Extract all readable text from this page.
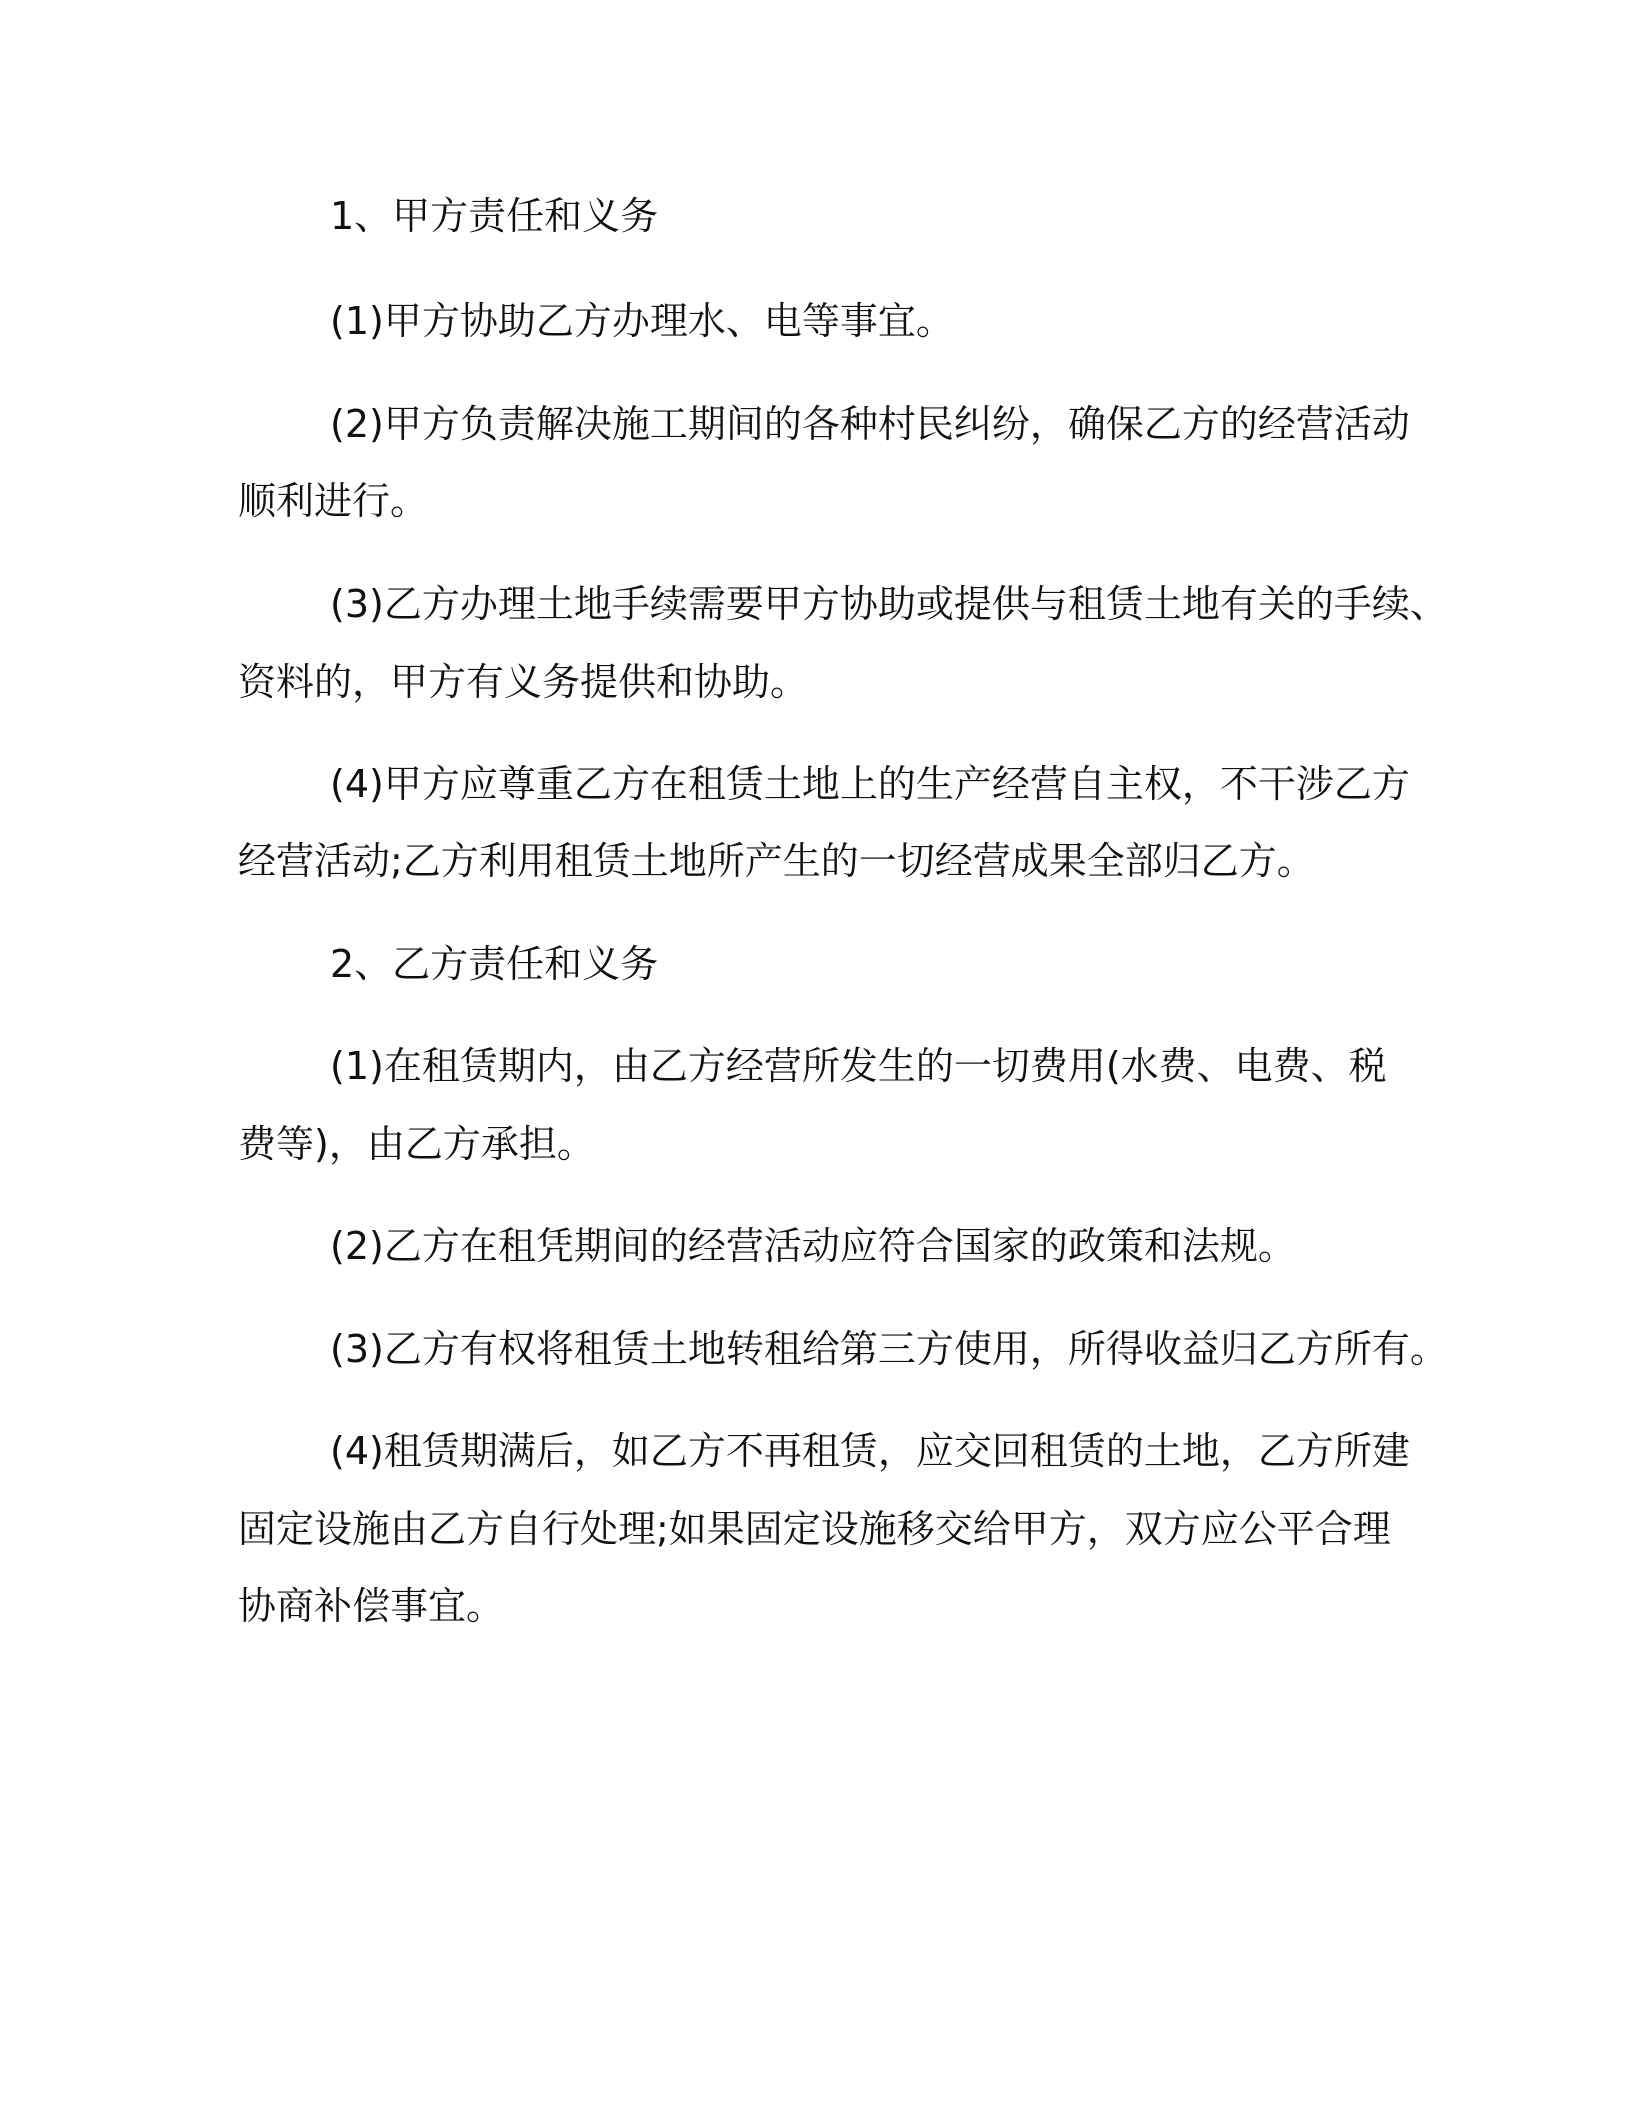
1、甲方责任和义务
(1)甲方协助乙方办理水、电等事宜。
(2)甲方负责解决施工期间的各种村民纠纷，确保乙方的经营活动
顺利进行。
(3)乙方办理土地手续需要甲方协助或提供与租赁土地有关的手续、
资料的，甲方有义务提供和协助。
(4)甲方应尊重乙方在租赁土地上的生产经营自主权，不干涉乙方
经营活动;乙方利用租赁土地所产生的一切经营成果全部归乙方。
2、乙方责任和义务
(1)在租赁期内，由乙方经营所发生的一切费用(水费、电费、税
费等)，由乙方承担。
(2)乙方在租凭期间的经营活动应符合国家的政策和法规。
(3)乙方有权将租赁土地转租给第三方使用，所得收益归乙方所有。
(4)租赁期满后，如乙方不再租赁，应交回租赁的土地，乙方所建
固定设施由乙方自行处理;如果固定设施移交给甲方，双方应公平合理
协商补偿事宜。
